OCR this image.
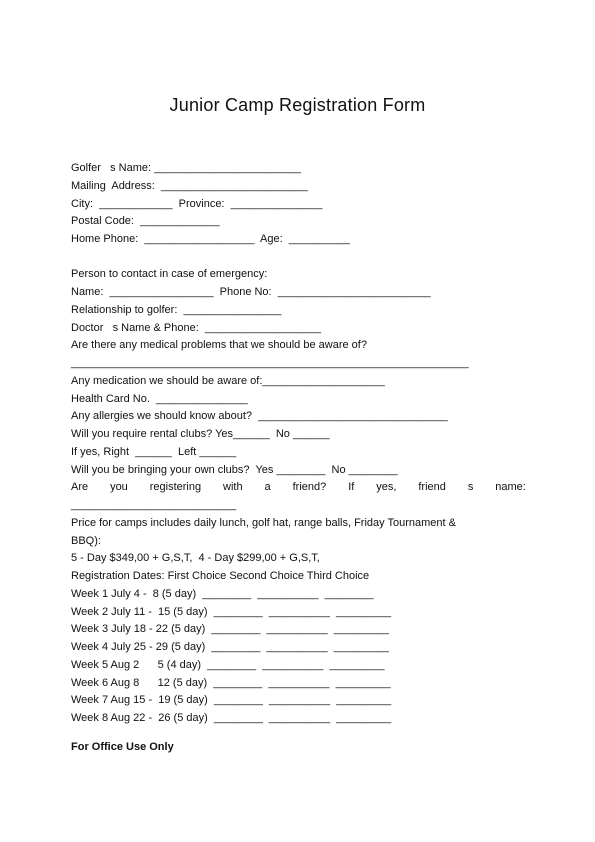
Junior Camp Registration Form
Golfer   s Name: ________________________
Mailing  Address:  ________________________
City:  ____________  Province:  _______________
Postal Code:  _____________
Home Phone:  __________________  Age:  __________
Person to contact in case of emergency:
Name:  _________________  Phone No:  _________________________
Relationship to golfer:  ________________
Doctor   s Name & Phone:  ___________________
Are there any medical problems that we should be aware of?
_________________________________________________________________
Any medication we should be aware of:____________________
Health Card No.  _______________
Any allergies we should know about?  _______________________________
Will you require rental clubs? Yes______  No ______
If yes, Right  ______  Left ______
Will you be bringing your own clubs?  Yes ________  No ________
Are you registering with a friend? If yes, friend s name:
___________________________
Price for camps includes daily lunch, golf hat, range balls, Friday Tournament &
BBQ):
5 - Day $349,00 + G,S,T,  4 - Day $299,00 + G,S,T,
Registration Dates: First Choice Second Choice Third Choice
Week 1 July 4 -  8 (5 day)  ________  __________  ________
Week 2 July 11 -  15 (5 day)  ________  __________  _________
Week 3 July 18 - 22 (5 day)  ________  __________  _________
Week 4 July 25 - 29 (5 day)  ________  __________  _________
Week 5 Aug 2      5 (4 day)  ________  __________  _________
Week 6 Aug 8      12 (5 day)  ________  __________  _________
Week 7 Aug 15 -  19 (5 day)  ________  __________  _________
Week 8 Aug 22 -  26 (5 day)  ________  __________  _________
For Office Use Only
